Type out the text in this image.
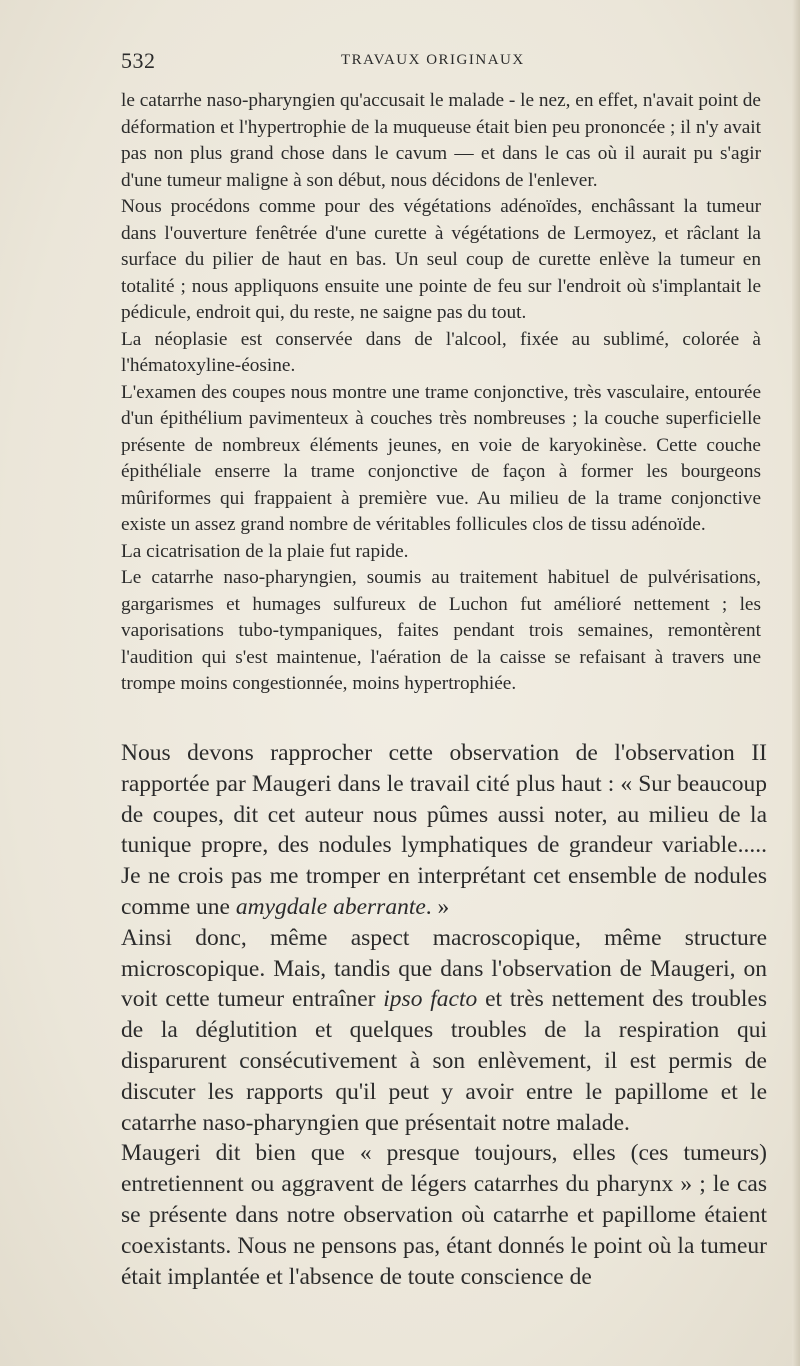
532	TRAVAUX ORIGINAUX

le catarrhe naso-pharyngien qu'accusait le malade - le nez, en effet, n'avait point de déformation et l'hypertrophie de la muqueuse était bien peu prononcée ; il n'y avait pas non plus grand chose dans le cavum — et dans le cas où il aurait pu s'agir d'une tumeur maligne à son début, nous décidons de l'enlever.

Nous procédons comme pour des végétations adénoïdes, enchâssant la tumeur dans l'ouverture fenêtrée d'une curette à végétations de Lermoyez, et râclant la surface du pilier de haut en bas. Un seul coup de curette enlève la tumeur en totalité ; nous appliquons ensuite une pointe de feu sur l'endroit où s'implantait le pédicule, endroit qui, du reste, ne saigne pas du tout.

La néoplasie est conservée dans de l'alcool, fixée au sublimé, colorée à l'hématoxyline-éosine.

L'examen des coupes nous montre une trame conjonctive, très vasculaire, entourée d'un épithélium pavimenteux à couches très nombreuses ; la couche superficielle présente de nombreux éléments jeunes, en voie de karyokinèse. Cette couche épithéliale enserre la trame conjonctive de façon à former les bourgeons mûriformes qui frappaient à première vue. Au milieu de la trame conjonctive existe un assez grand nombre de véritables follicules clos de tissu adénoïde.

La cicatrisation de la plaie fut rapide.

Le catarrhe naso-pharyngien, soumis au traitement habituel de pulvérisations, gargarismes et humages sulfureux de Luchon fut amélioré nettement ; les vaporisations tubo-tympaniques, faites pendant trois semaines, remontèrent l'audition qui s'est maintenue, l'aération de la caisse se refaisant à travers une trompe moins congestionnée, moins hypertrophiée.

Nous devons rapprocher cette observation de l'observation II rapportée par Maugeri dans le travail cité plus haut : « Sur beaucoup de coupes, dit cet auteur nous pûmes aussi noter, au milieu de la tunique propre, des nodules lymphatiques de grandeur variable..... Je ne crois pas me tromper en interprétant cet ensemble de nodules comme une amygdale aberrante. »

Ainsi donc, même aspect macroscopique, même structure microscopique. Mais, tandis que dans l'observation de Maugeri, on voit cette tumeur entraîner ipso facto et très nettement des troubles de la déglutition et quelques troubles de la respiration qui disparurent consécutivement à son enlèvement, il est permis de discuter les rapports qu'il peut y avoir entre le papillome et le catarrhe naso-pharyngien que présentait notre malade.

Maugeri dit bien que « presque toujours, elles (ces tumeurs) entretiennent ou aggravent de légers catarrhes du pharynx » ; le cas se présente dans notre observation où catarrhe et papillome étaient coexistants. Nous ne pensons pas, étant donnés le point où la tumeur était implantée et l'absence de toute conscience de
